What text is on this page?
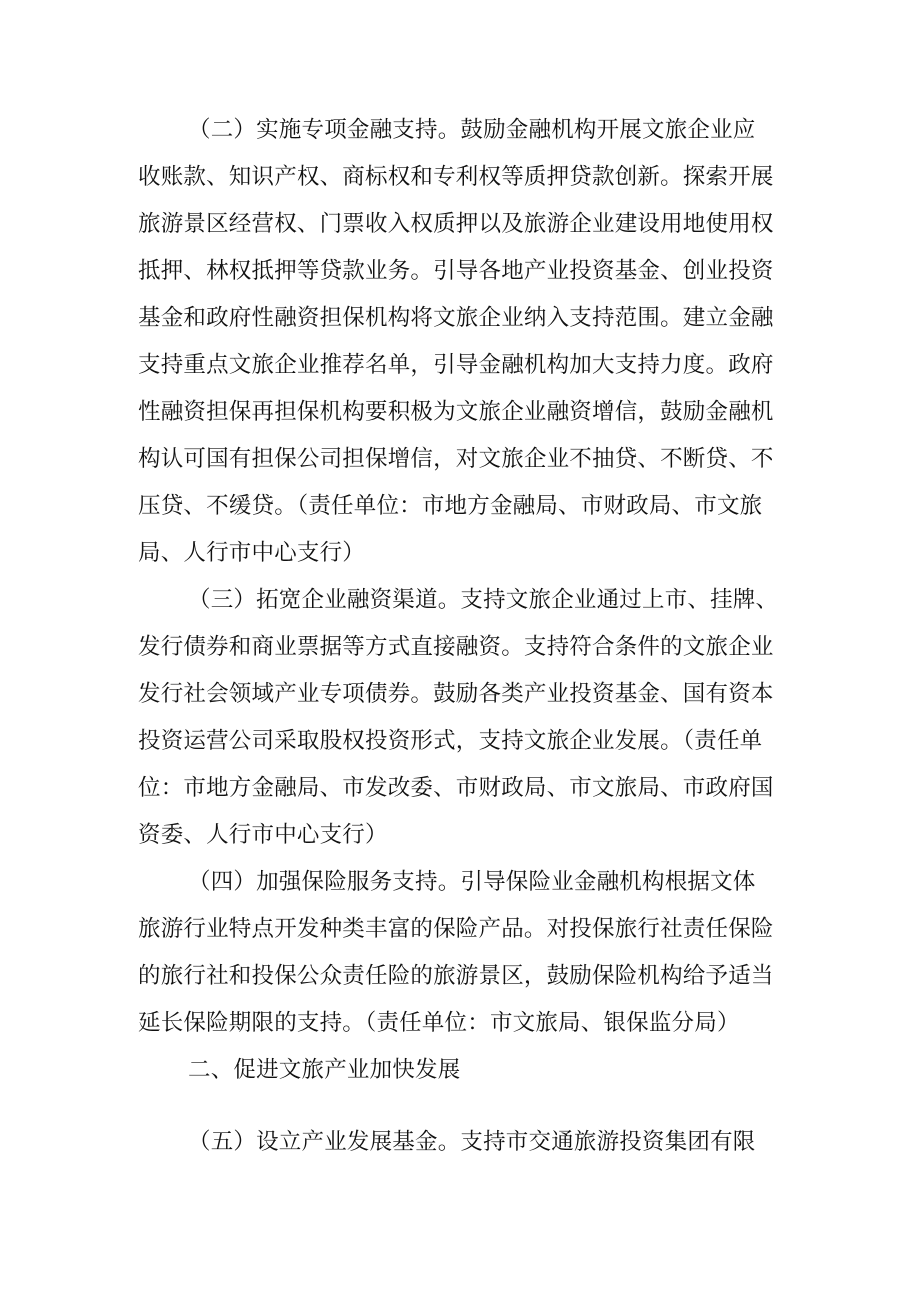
（二）实施专项金融支持。鼓励金融机构开展文旅企业应
收账款、知识产权、商标权和专利权等质押贷款创新。探索开展
旅游景区经营权、门票收入权质押以及旅游企业建设用地使用权
抵押、林权抵押等贷款业务。引导各地产业投资基金、创业投资
基金和政府性融资担保机构将文旅企业纳入支持范围。建立金融
支持重点文旅企业推荐名单，引导金融机构加大支持力度。政府
性融资担保再担保机构要积极为文旅企业融资增信，鼓励金融机
构认可国有担保公司担保增信，对文旅企业不抽贷、不断贷、不
压贷、不缓贷。（责任单位：市地方金融局、市财政局、市文旅
局、人行市中心支行）
（三）拓宽企业融资渠道。支持文旅企业通过上市、挂牌、
发行债券和商业票据等方式直接融资。支持符合条件的文旅企业
发行社会领域产业专项债券。鼓励各类产业投资基金、国有资本
投资运营公司采取股权投资形式，支持文旅企业发展。（责任单
位：市地方金融局、市发改委、市财政局、市文旅局、市政府国
资委、人行市中心支行）
（四）加强保险服务支持。引导保险业金融机构根据文体
旅游行业特点开发种类丰富的保险产品。对投保旅行社责任保险
的旅行社和投保公众责任险的旅游景区，鼓励保险机构给予适当
延长保险期限的支持。（责任单位：市文旅局、银保监分局）
二、促进文旅产业加快发展
（五）设立产业发展基金。支持市交通旅游投资集团有限
